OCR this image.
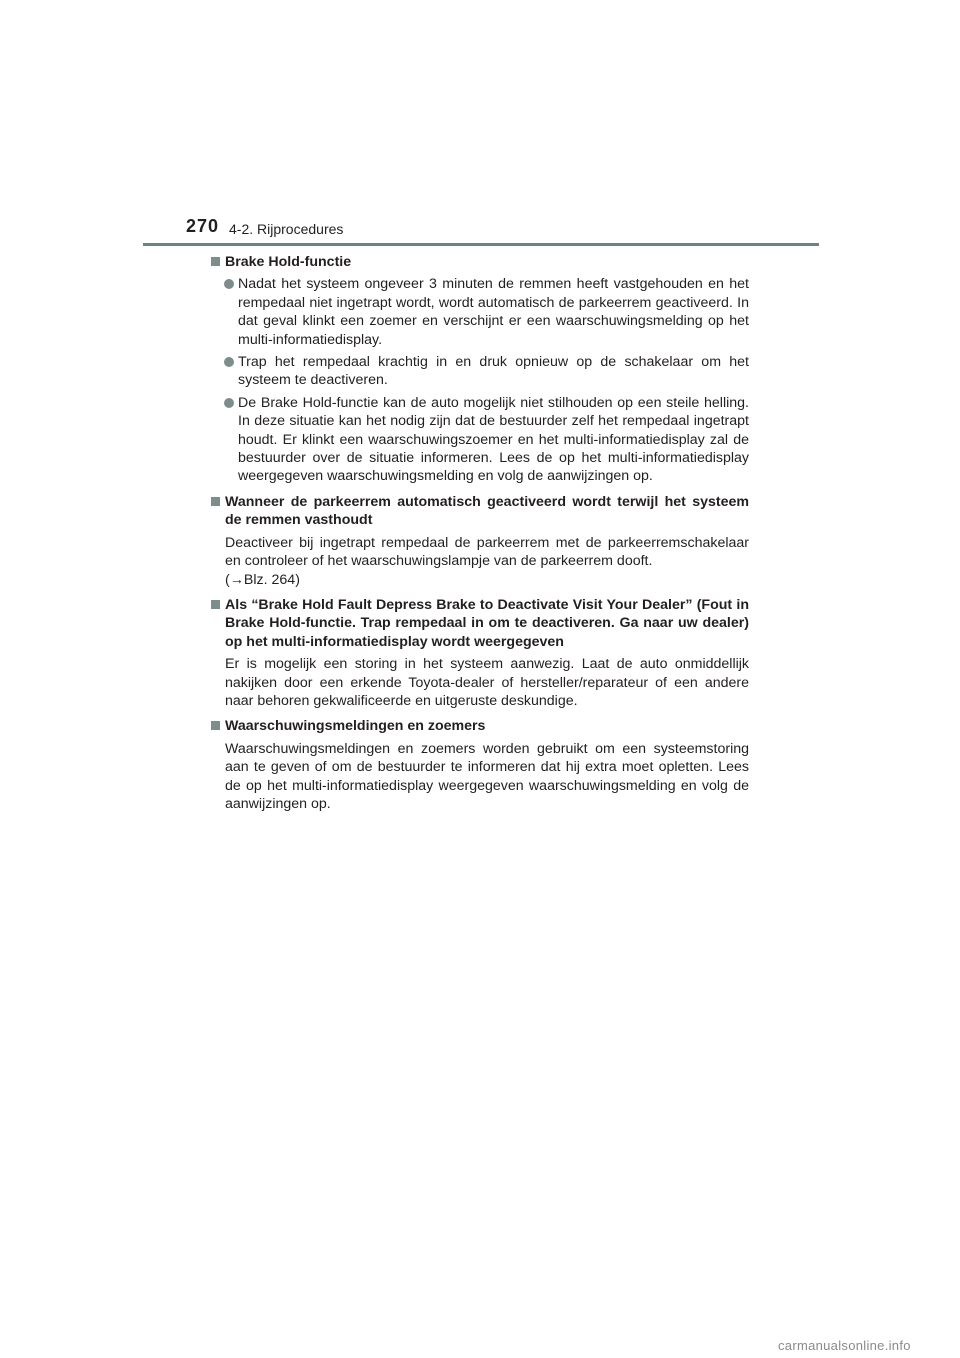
270 4-2. Rijprocedures
Brake Hold-functie
Nadat het systeem ongeveer 3 minuten de remmen heeft vastgehouden en het rempedaal niet ingetrapt wordt, wordt automatisch de parkeerrem geactiveerd. In dat geval klinkt een zoemer en verschijnt er een waarschuwingsmelding op het multi-informatiedisplay.
Trap het rempedaal krachtig in en druk opnieuw op de schakelaar om het systeem te deactiveren.
De Brake Hold-functie kan de auto mogelijk niet stilhouden op een steile helling. In deze situatie kan het nodig zijn dat de bestuurder zelf het rempedaal ingetrapt houdt. Er klinkt een waarschuwingszoemer en het multi-informatiedisplay zal de bestuurder over de situatie informeren. Lees de op het multi-informatiedisplay weergegeven waarschuwingsmelding en volg de aanwijzingen op.
Wanneer de parkeerrem automatisch geactiveerd wordt terwijl het systeem de remmen vasthoudt
Deactiveer bij ingetrapt rempedaal de parkeerrem met de parkeerremschakelaar en controleer of het waarschuwingslampje van de parkeerrem dooft.
(→Blz. 264)
Als “Brake Hold Fault Depress Brake to Deactivate Visit Your Dealer” (Fout in Brake Hold-functie. Trap rempedaal in om te deactiveren. Ga naar uw dealer) op het multi-informatiedisplay wordt weergegeven
Er is mogelijk een storing in het systeem aanwezig. Laat de auto onmiddellijk nakijken door een erkende Toyota-dealer of hersteller/reparateur of een andere naar behoren gekwalificeerde en uitgeruste deskundige.
Waarschuwingsmeldingen en zoemers
Waarschuwingsmeldingen en zoemers worden gebruikt om een systeemstoring aan te geven of om de bestuurder te informeren dat hij extra moet opletten. Lees de op het multi-informatiedisplay weergegeven waarschuwingsmelding en volg de aanwijzingen op.
carmanualsonline.info
